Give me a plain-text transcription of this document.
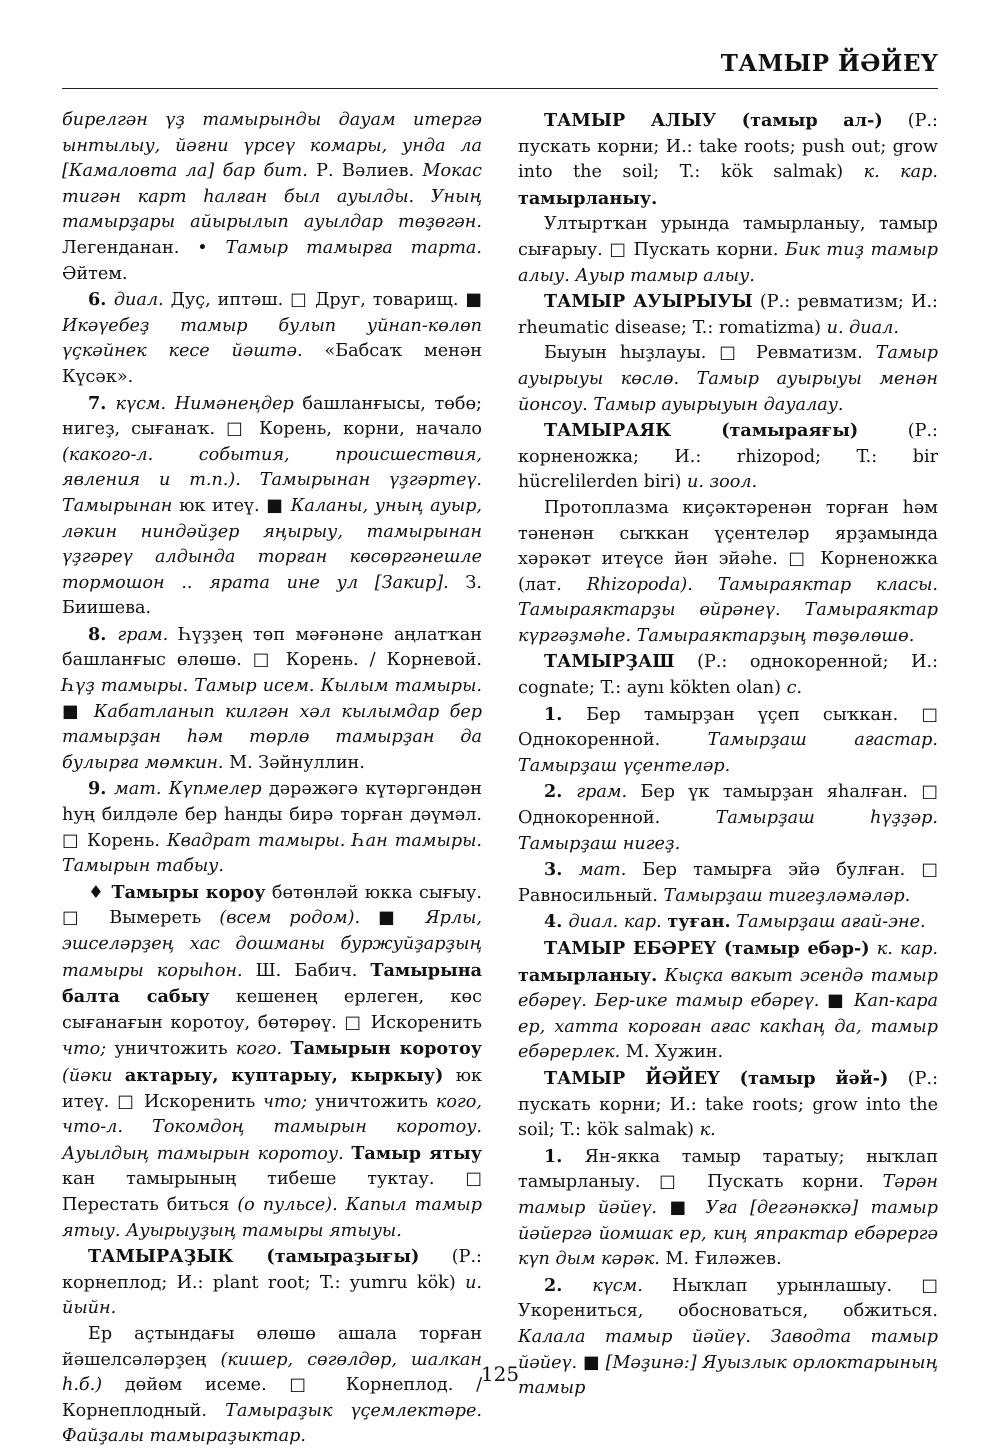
ТАМЫР ЙӘЙЕҮ

бирелгән үҙ тамырынды дауам итергә ынтылыу, йәғни үрсеү комары, унда ла [Камаловта ла] бар бит. Р. Вәлиев. Мокас тигән карт һалған был ауылды. Уның тамырҙары айырылып ауылдар төҙөгән. Легенданан. • Тамыр тамырға тарта. Әйтем.

6. диал. Дуҫ, иптәш. □ Друг, товарищ. ■ Икәүебеҙ тамыр булып уйнап-көлөп үҫкәйнек кесе йәштә. «Бабсаҡ менән Күсәк».

7. күсм. Нимәнеңдер башланғысы, төбө; нигеҙ, сығанаҡ. □ Корень, корни, начало (какого-л. события, происшествия, явления и т.п.). Тамырынан үҙгәртеү. Тамырынан юк итеү. ■ Каланы, уның ауыр, ләкин ниндәйҙер яңырыу, тамырынан үҙгәреү алдында торған көсөргәнешле тормошон .. ярата ине ул [Закир]. З. Биишева.

8. грам. Һүҙҙең төп мәғәнәне аңлатҡан башланғыс өлөшө. □ Корень. / Корневой. Һүҙ тамыры. Тамыр исем. Кылым тамыры. ■ Кабатланып килгән хәл кылымдар бер тамырҙан һәм төрлө тамырҙан да булырға мөмкин. М. Зәйнуллин.

9. мат. Күпмелер дәрәжәгә күтәргәндән һуң билдәле бер һанды бирә торған дәүмәл. □ Корень. Квадрат тамыры. Һан тамыры. Тамырын табыу.

♦ Тамыры короу бөтөнләй юкка сығыу. □ Вымереть (всем родом). ■ Ярлы, эшселәрҙең хас дошманы буржуйҙарҙың тамыры корыһон. Ш. Бабич. Тамырына балта сабыу кешенең ерлеген, көс сығанағын коротоу, бөтөрөү. □ Искоренить что; уничтожить кого. Тамырын коротоу (йәки актарыу, куптарыу, кыркыу) юк итеү. □ Искоренить что; уничтожить кого, что-л. Токомдоң тамырын коротоу. Ауылдың тамырын коротоу. Тамыр ятыу кан тамырының тибеше туктау. □ Перестать биться (о пульсе). Капыл тамыр ятыу. Ауырыуҙың тамыры ятыуы.

ТАМЫРАҘЫК (тамыраҙығы) (Р.: корнеплод; И.: plant root; T.: yumru kök) и. йыйн.

Ер аҫтындағы өлөшө ашала торған йәшелсәләрҙең (кишер, сөгөлдөр, шалкан һ.б.) дөйөм исеме. □ Корнеплод. / Корнеплодный. Тамыраҙык үҫемлектәре. Файҙалы тамыраҙыктар.

ТАМЫР АЛЫУ (тамыр ал-) (Р.: пускать корни; И.: take roots; push out; grow into the soil; T.: kök salmak) к. кар. тамырланыу.

Ултыртҡан урында тамырланыу, тамыр сығарыу. □ Пускать корни. Бик тиҙ тамыр алыу. Ауыр тамыр алыу.

ТАМЫР АУЫРЫУЫ (Р.: ревматизм; И.: rheumatic disease; T.: romatizma) и. диал.

Быуын һыҙлауы. □ Ревматизм. Тамыр ауырыуы көслө. Тамыр ауырыуы менән йонсоу. Тамыр ауырыуын дауалау.

ТАМЫРАЯК (тамыраяғы) (Р.: корненожка; И.: rhizopod; T.: bir hücrelilerden biri) и. зоол.

Протоплазма киҫәктәренән торған һәм тәненән сыҡкан үҫентеләр ярҙамында хәрәкәт итеүсе йән эйәһе. □ Корненожка (лат. Rhizopoda). Тамыраяктар класы. Тамыраяктарҙы өйрәнеү. Тамыраяктар күргәҙмәһе. Тамыраяктарҙың төҙөлөшө.

ТАМЫРҘАШ (Р.: однокоренной; И.: cognate; T.: aynı kökten olan) с.

1. Бер тамырҙан үҫеп сыҡкан. □ Однокоренной. Тамырҙаш ағастар. Тамырҙаш үҫентеләр.

2. грам. Бер үк тамырҙан яһалған. □ Однокоренной. Тамырҙаш һүҙҙәр. Тамырҙаш нигеҙ.

3. мат. Бер тамырға эйә булған. □ Равносильный. Тамырҙаш тигеҙләмәләр.

4. диал. кар. туған. Тамырҙаш ағай-эне.

ТАМЫР ЕБӘРЕҮ (тамыр ебәр-) к. кар. тамырланыу. Кыҫка вакыт эсендә тамыр ебәреү. Бер-ике тамыр ебәреү. ■ Кап-кара ер, хатта короған ағас какһаң да, тамыр ебәрерлек. М. Хужин.

ТАМЫР ЙӘЙЕҮ (тамыр йәй-) (Р.: пускать корни; И.: take roots; grow into the soil; T.: kök salmak) к.

1. Ян-якка тамыр таратыу; ныҡлап тамырланыу. □ Пускать корни. Тәрән тамыр йәйеү. ■ Уға [дегәнәккә] тамыр йәйергә йомшак ер, киң япрактар ебәрергә күп дым кәрәк. М. Ғиләжев.

2. күсм. Ныҡлап урынлашыу. □ Укорениться, обосноваться, обжиться. Калала тамыр йәйеү. Заводта тамыр йәйеү. ■ [Мәҙинә:] Яуызлык орлоктарының тамыр

125
